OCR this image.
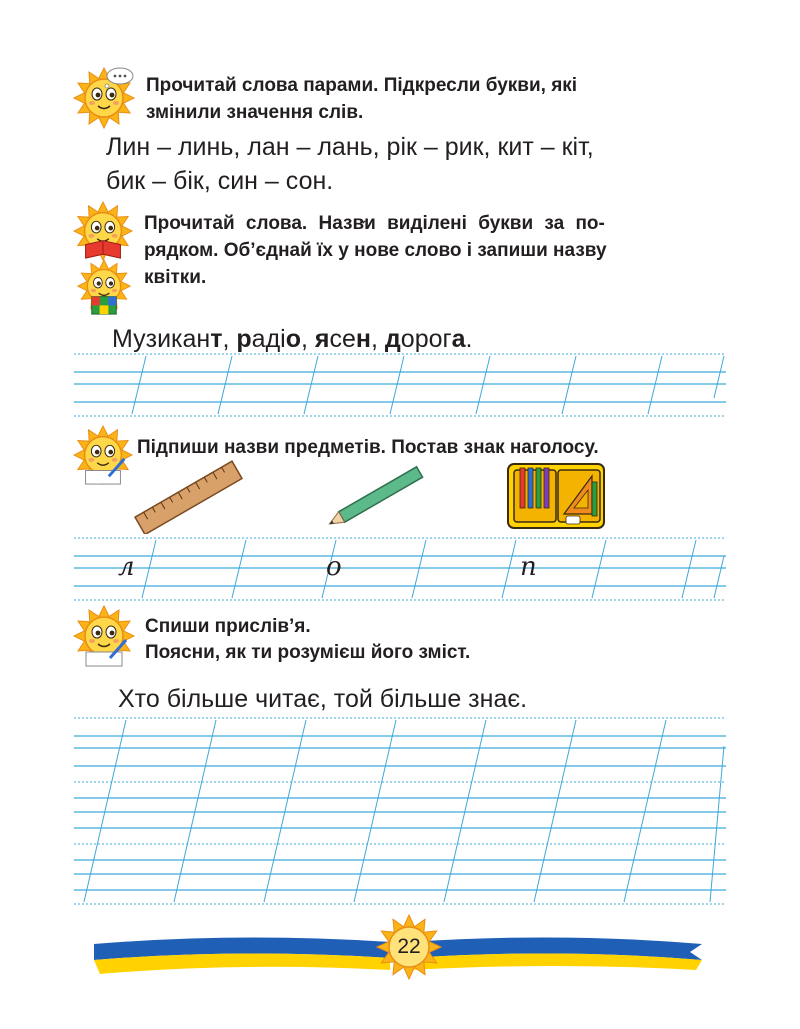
Прочитай слова парами. Підкресли букви, які
змінили значення слів.
Лин – линь, лан – лань, рік – рик, кит – кіт,
бик – бік, син – сон.
Прочитай слова. Назви виділені букви за по-
рядком. Об’єднай їх у нове слово і запиши назву
квітки.
Музикант, радіо, ясен, дорога.
Підпиши назви предметів. Постав знак наголосу.
л	о	п
Спиши прислів’я.
Поясни, як ти розумієш його зміст.
Хто більше читає, той більше знає.
22
